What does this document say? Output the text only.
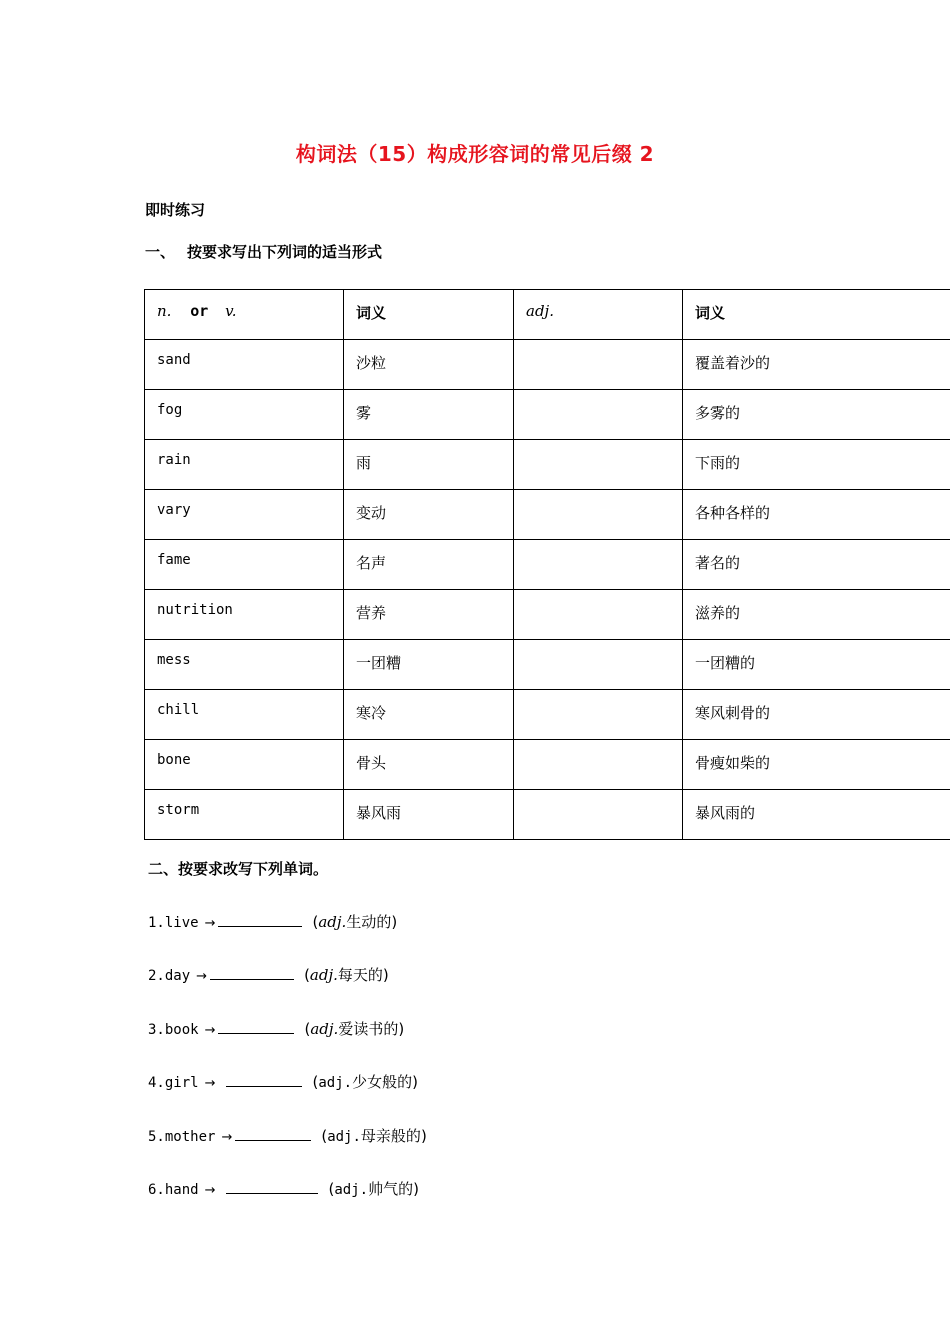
构词法（15）构成形容词的常见后缀 2
即时练习
一、 按要求写出下列词的适当形式
n. or v.	词义	adj.	词义
sand	沙粒		覆盖着沙的
fog	雾		多雾的
rain	雨		下雨的
vary	变动		各种各样的
fame	名声		著名的
nutrition	营养		滋养的
mess	一团糟		一团糟的
chill	寒冷		寒风刺骨的
bone	骨头		骨瘦如柴的
storm	暴风雨		暴风雨的
二、按要求改写下列单词。
1.live →	(adj.生动的)
2.day →	(adj.每天的)
3.book →	(adj.爱读书的)
4.girl →	(adj.少女般的)
5.mother →	(adj.母亲般的)
6.hand →	(adj.帅气的)
